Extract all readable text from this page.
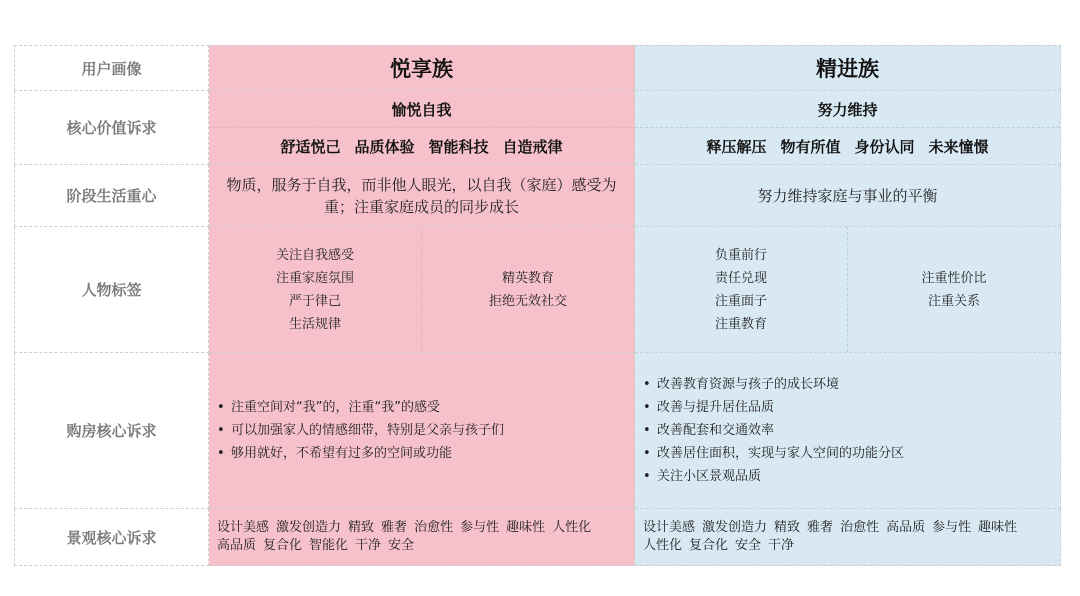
用户画像	悦享族	精进族
核心价值诉求
愉悦自我
舒适悦己 品质体验 智能科技 自造戒律
努力维持
释压解压 物有所值 身份认同 未来憧憬
阶段生活重心
物质，服务于自我，而非他人眼光，以自我（家庭）感受为重；注重家庭成员的同步成长
努力维持家庭与事业的平衡
人物标签
关注自我感受
注重家庭氛围
严于律己
生活规律
精英教育
拒绝无效社交
负重前行
责任兑现
注重面子
注重教育
注重性价比
注重关系
购房核心诉求
• 注重空间对“我”的，注重“我”的感受
• 可以加强家人的情感细带，特别是父亲与孩子们
• 够用就好，不希望有过多的空间或功能
• 改善教育资源与孩子的成长环境
• 改善与提升居住品质
• 改善配套和交通效率
• 改善居住面积，实现与家人空间的功能分区
• 关注小区景观品质
景观核心诉求
设计美感 激发创造力 精致 雅奢 治愈性 参与性 趣味性 人性化
高品质 复合化 智能化 干净 安全
设计美感 激发创造力 精致 雅奢 治愈性 高品质 参与性 趣味性
人性化 复合化 安全 干净
